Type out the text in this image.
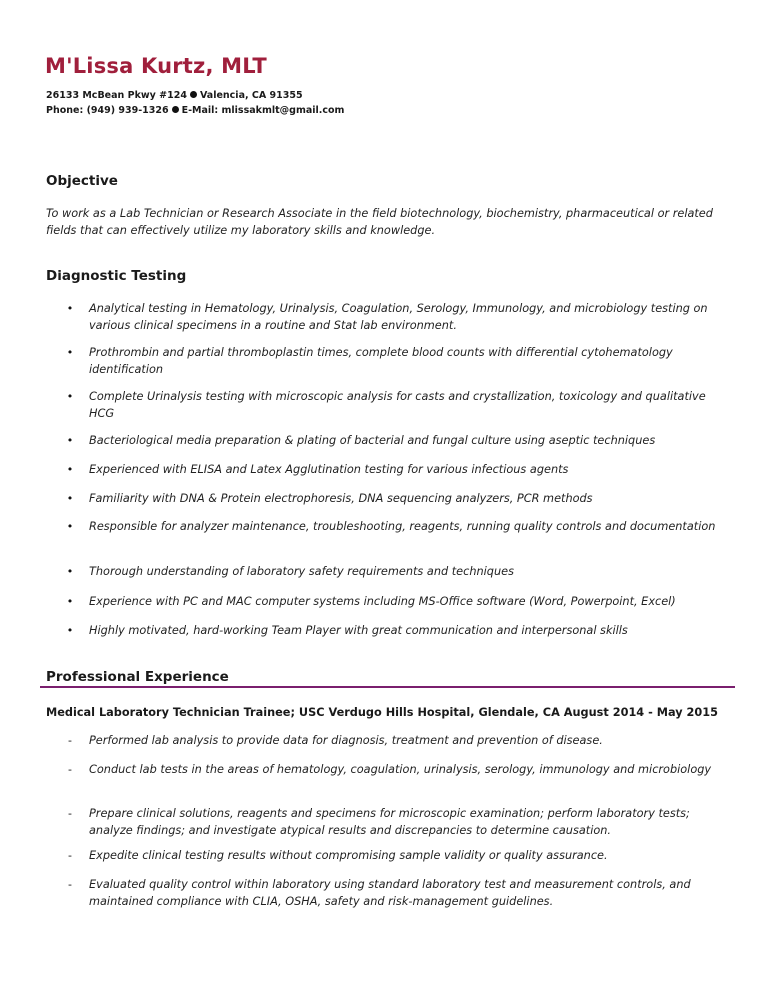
M'Lissa Kurtz, MLT
26133 McBean Pkwy #124 Valencia, CA 91355
Phone: (949) 939-1326 E-Mail: mlissakmlt@gmail.com
Objective
To work as a Lab Technician or Research Associate in the field biotechnology, biochemistry, pharmaceutical or related fields that can effectively utilize my laboratory skills and knowledge.
Diagnostic Testing
•	Analytical testing in Hematology, Urinalysis, Coagulation, Serology, Immunology, and microbiology testing on various clinical specimens in a routine and Stat lab environment.
•	Prothrombin and partial thromboplastin times, complete blood counts with differential cytohematology identification
•	Complete Urinalysis testing with microscopic analysis for casts and crystallization, toxicology and qualitative HCG
•	Bacteriological media preparation & plating of bacterial and fungal culture using aseptic techniques
•	Experienced with ELISA and Latex Agglutination testing for various infectious agents
•	Familiarity with DNA & Protein electrophoresis, DNA sequencing analyzers, PCR methods
•	Responsible for analyzer maintenance, troubleshooting, reagents, running quality controls and documentation
•	Thorough understanding of laboratory safety requirements and techniques
•	Experience with PC and MAC computer systems including MS-Office software (Word, Powerpoint, Excel)
•	Highly motivated, hard-working Team Player with great communication and interpersonal skills
Professional Experience
Medical Laboratory Technician Trainee; USC Verdugo Hills Hospital, Glendale, CA August 2014 - May 2015
-	Performed lab analysis to provide data for diagnosis, treatment and prevention of disease.
-	Conduct lab tests in the areas of hematology, coagulation, urinalysis, serology, immunology and microbiology
-	Prepare clinical solutions, reagents and specimens for microscopic examination; perform laboratory tests; analyze findings; and investigate atypical results and discrepancies to determine causation.
-	Expedite clinical testing results without compromising sample validity or quality assurance.
-	Evaluated quality control within laboratory using standard laboratory test and measurement controls, and maintained compliance with CLIA, OSHA, safety and risk-management guidelines.
